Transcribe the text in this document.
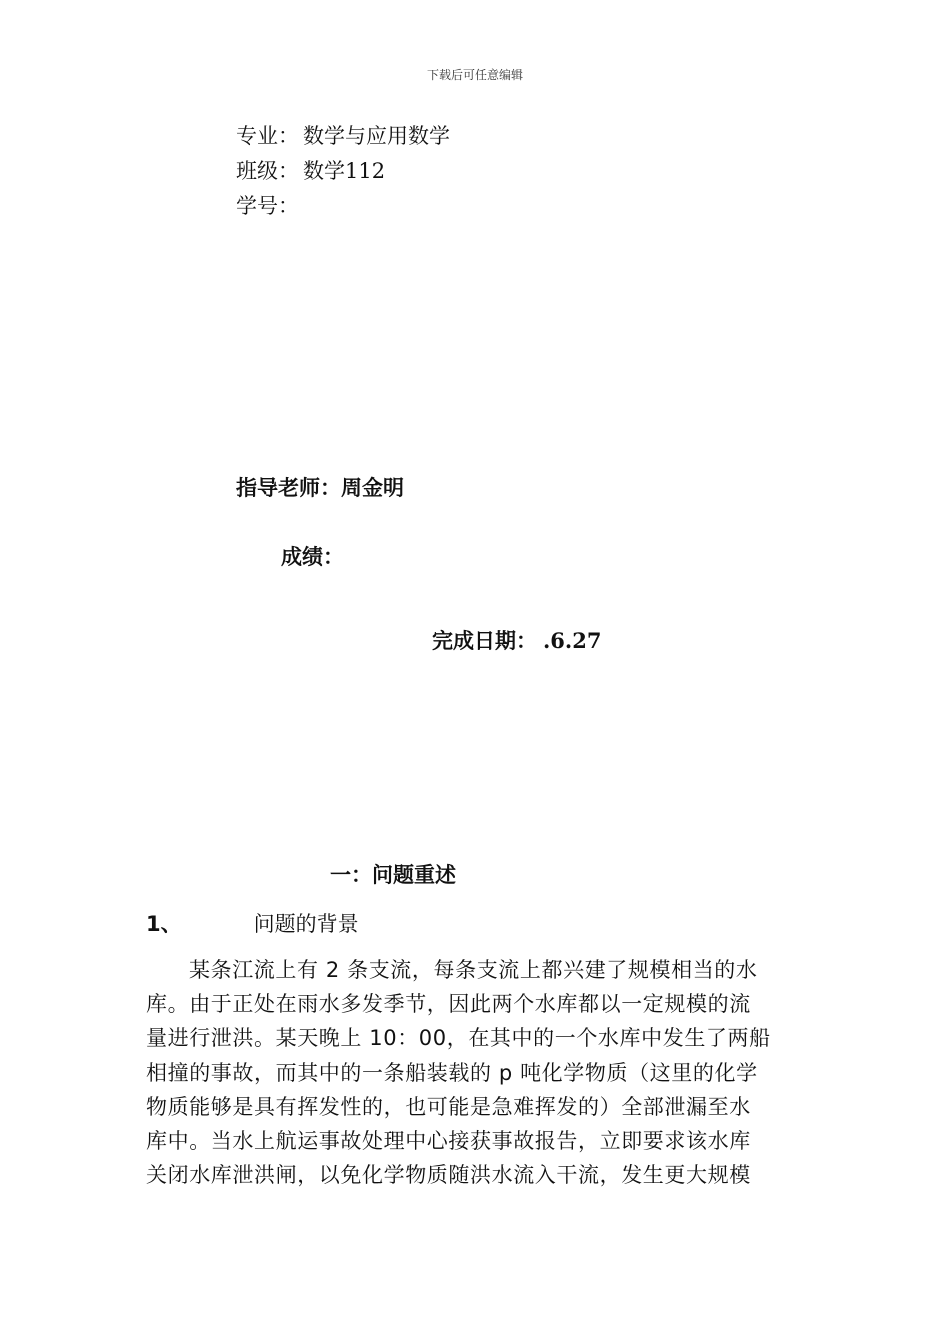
下载后可任意编辑
专业： 数学与应用数学
班级： 数学112
学号：
指导老师：周金明
成绩：
完成日期： .6.27
一：问题重述
1、	问题的背景
某条江流上有 2 条支流，每条支流上都兴建了规模相当的水
库。由于正处在雨水多发季节，因此两个水库都以一定规模的流
量进行泄洪。某天晚上 10：00，在其中的一个水库中发生了两船
相撞的事故，而其中的一条船装载的 p 吨化学物质（这里的化学
物质能够是具有挥发性的，也可能是急难挥发的）全部泄漏至水
库中。当水上航运事故处理中心接获事故报告，立即要求该水库
关闭水库泄洪闸，以免化学物质随洪水流入干流，发生更大规模
